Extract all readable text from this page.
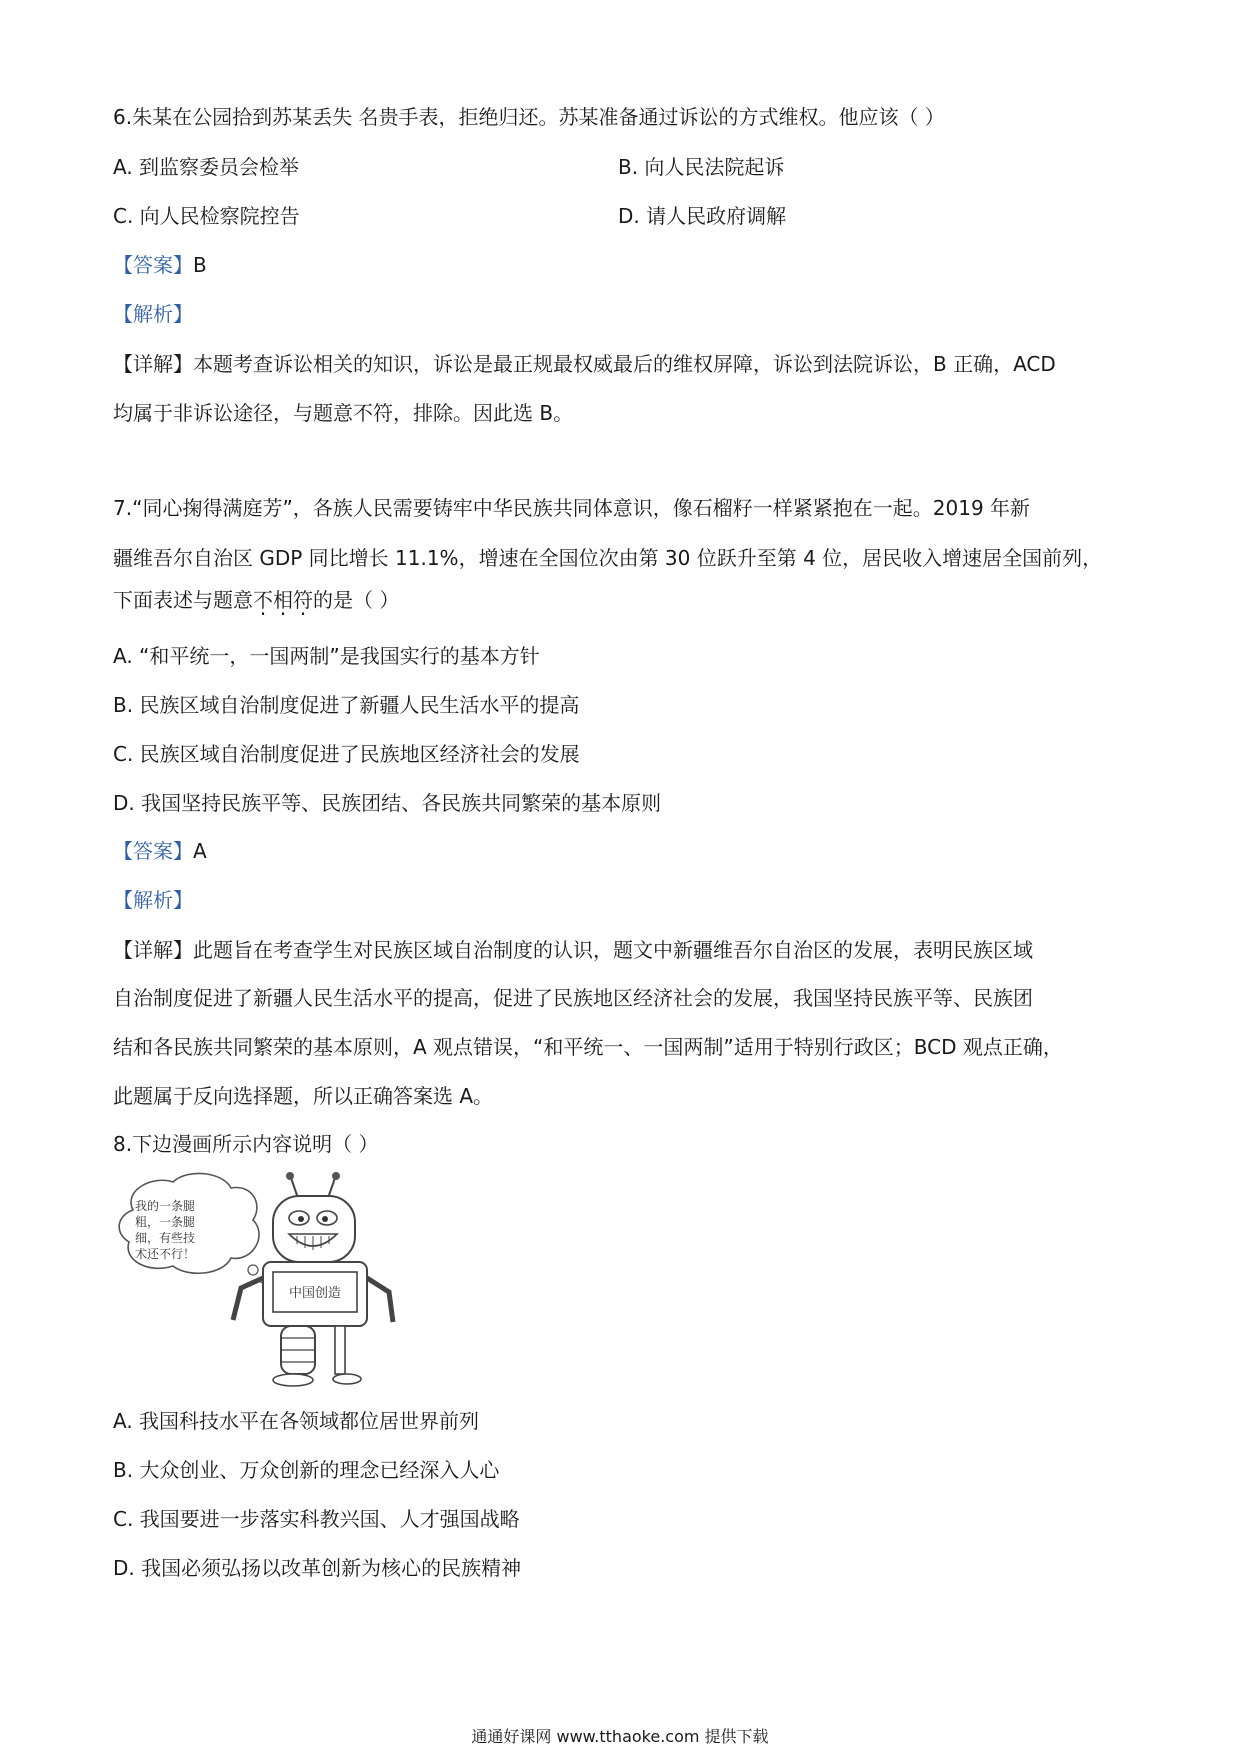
6.朱某在公园拾到苏某丢失 名贵手表，拒绝归还。苏某准备通过诉讼的方式维权。他应该（ ）
A. 到监察委员会检举	B. 向人民法院起诉
C. 向人民检察院控告	D. 请人民政府调解
【答案】B
【解析】
【详解】本题考查诉讼相关的知识，诉讼是最正规最权威最后的维权屏障，诉讼到法院诉讼，B 正确，ACD
均属于非诉讼途径，与题意不符，排除。因此选 B。
7.“同心掬得满庭芳”，各族人民需要铸牢中华民族共同体意识，像石榴籽一样紧紧抱在一起。2019 年新
疆维吾尔自治区 GDP 同比增长 11.1%，增速在全国位次由第 30 位跃升至第 4 位，居民收入增速居全国前列，
下面表述与题意不相符的是（ ）
A. “和平统一，一国两制”是我国实行的基本方针
B. 民族区域自治制度促进了新疆人民生活水平的提高
C. 民族区域自治制度促进了民族地区经济社会的发展
D. 我国坚持民族平等、民族团结、各民族共同繁荣的基本原则
【答案】A
【解析】
【详解】此题旨在考查学生对民族区域自治制度的认识，题文中新疆维吾尔自治区的发展，表明民族区域
自治制度促进了新疆人民生活水平的提高，促进了民族地区经济社会的发展，我国坚持民族平等、民族团
结和各民族共同繁荣的基本原则，A 观点错误，“和平统一、一国两制”适用于特别行政区；BCD 观点正确，
此题属于反向选择题，所以正确答案选 A。
8.下边漫画所示内容说明（ ）
我的一条腿
粗，一条腿
细，有些技
术还不行！
中国创造
A. 我国科技水平在各领域都位居世界前列
B. 大众创业、万众创新的理念已经深入人心
C. 我国要进一步落实科教兴国、人才强国战略
D. 我国必须弘扬以改革创新为核心的民族精神
通通好课网 www.tthaoke.com 提供下载
